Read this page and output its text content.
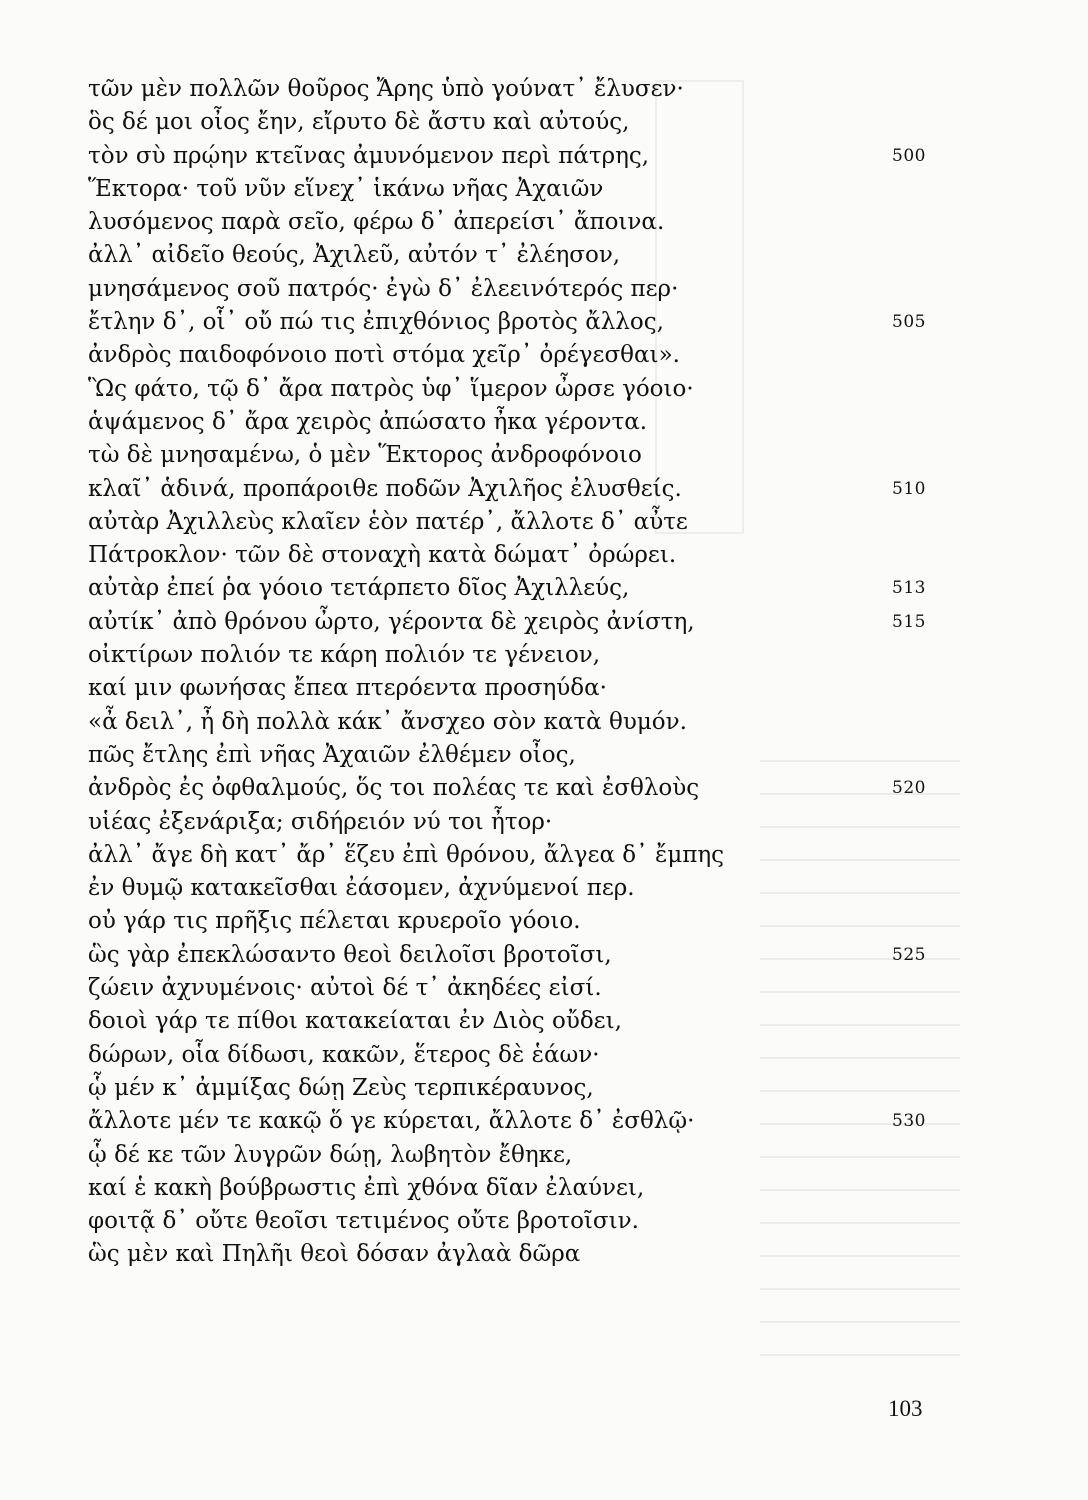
τῶν μὲν πολλῶν θοῦρος Ἄρης ὑπὸ γούνατ᾽ ἔλυσεν·
ὃς δέ μοι οἶος ἔην, εἴρυτο δὲ ἄστυ καὶ αὐτούς,
τὸν σὺ πρῴην κτεῖνας ἀμυνόμενον περὶ πάτρης,	500
Ἕκτορα· τοῦ νῦν εἵνεχ᾽ ἱκάνω νῆας Ἀχαιῶν
λυσόμενος παρὰ σεῖο, φέρω δ᾽ ἀπερείσι᾽ ἄποινα.
ἀλλ᾽ αἰδεῖο θεούς, Ἀχιλεῦ, αὐτόν τ᾽ ἐλέησον,
μνησάμενος σοῦ πατρός· ἐγὼ δ᾽ ἐλεεινότερός περ·
ἔτλην δ᾽, οἷ᾽ οὔ πώ τις ἐπιχθόνιος βροτὸς ἄλλος,	505
ἀνδρὸς παιδοφόνοιο ποτὶ στόμα χεῖρ᾽ ὀρέγεσθαι».
Ὣς φάτο, τῷ δ᾽ ἄρα πατρὸς ὑφ᾽ ἵμερον ὦρσε γόοιο·
ἁψάμενος δ᾽ ἄρα χειρὸς ἀπώσατο ἦκα γέροντα.
τὼ δὲ μνησαμένω, ὁ μὲν Ἕκτορος ἀνδροφόνοιο
κλαῖ᾽ ἁδινά, προπάροιθε ποδῶν Ἀχιλῆος ἐλυσθείς.	510
αὐτὰρ Ἀχιλλεὺς κλαῖεν ἑὸν πατέρ᾽, ἄλλοτε δ᾽ αὖτε
Πάτροκλον· τῶν δὲ στοναχὴ κατὰ δώματ᾽ ὀρώρει.
αὐτὰρ ἐπεί ῥα γόοιο τετάρπετο δῖος Ἀχιλλεύς,	513
αὐτίκ᾽ ἀπὸ θρόνου ὦρτο, γέροντα δὲ χειρὸς ἀνίστη,	515
οἰκτίρων πολιόν τε κάρη πολιόν τε γένειον,
καί μιν φωνήσας ἔπεα πτερόεντα προσηύδα·
«ἆ δειλ᾽, ἦ δὴ πολλὰ κάκ᾽ ἄνσχεο σὸν κατὰ θυμόν.
πῶς ἔτλης ἐπὶ νῆας Ἀχαιῶν ἐλθέμεν οἶος,
ἀνδρὸς ἐς ὀφθαλμούς, ὅς τοι πολέας τε καὶ ἐσθλοὺς	520
υἱέας ἐξενάριξα; σιδήρειόν νύ τοι ἦτορ·
ἀλλ᾽ ἄγε δὴ κατ᾽ ἄρ᾽ ἕζευ ἐπὶ θρόνου, ἄλγεα δ᾽ ἔμπης
ἐν θυμῷ κατακεῖσθαι ἐάσομεν, ἀχνύμενοί περ.
οὐ γάρ τις πρῆξις πέλεται κρυεροῖο γόοιο.
ὣς γὰρ ἐπεκλώσαντο θεοὶ δειλοῖσι βροτοῖσι,	525
ζώειν ἀχνυμένοις· αὐτοὶ δέ τ᾽ ἀκηδέες εἰσί.
δοιοὶ γάρ τε πίθοι κατακείαται ἐν Διὸς οὔδει,
δώρων, οἷα δίδωσι, κακῶν, ἕτερος δὲ ἑάων·
ᾧ μέν κ᾽ ἀμμίξας δώῃ Ζεὺς τερπικέραυνος,
ἄλλοτε μέν τε κακῷ ὅ γε κύρεται, ἄλλοτε δ᾽ ἐσθλῷ·	530
ᾧ δέ κε τῶν λυγρῶν δώῃ, λωβητὸν ἔθηκε,
καί ἑ κακὴ βούβρωστις ἐπὶ χθόνα δῖαν ἐλαύνει,
φοιτᾷ δ᾽ οὔτε θεοῖσι τετιμένος οὔτε βροτοῖσιν.
ὣς μὲν καὶ Πηλῆι θεοὶ δόσαν ἀγλαὰ δῶρα
103
